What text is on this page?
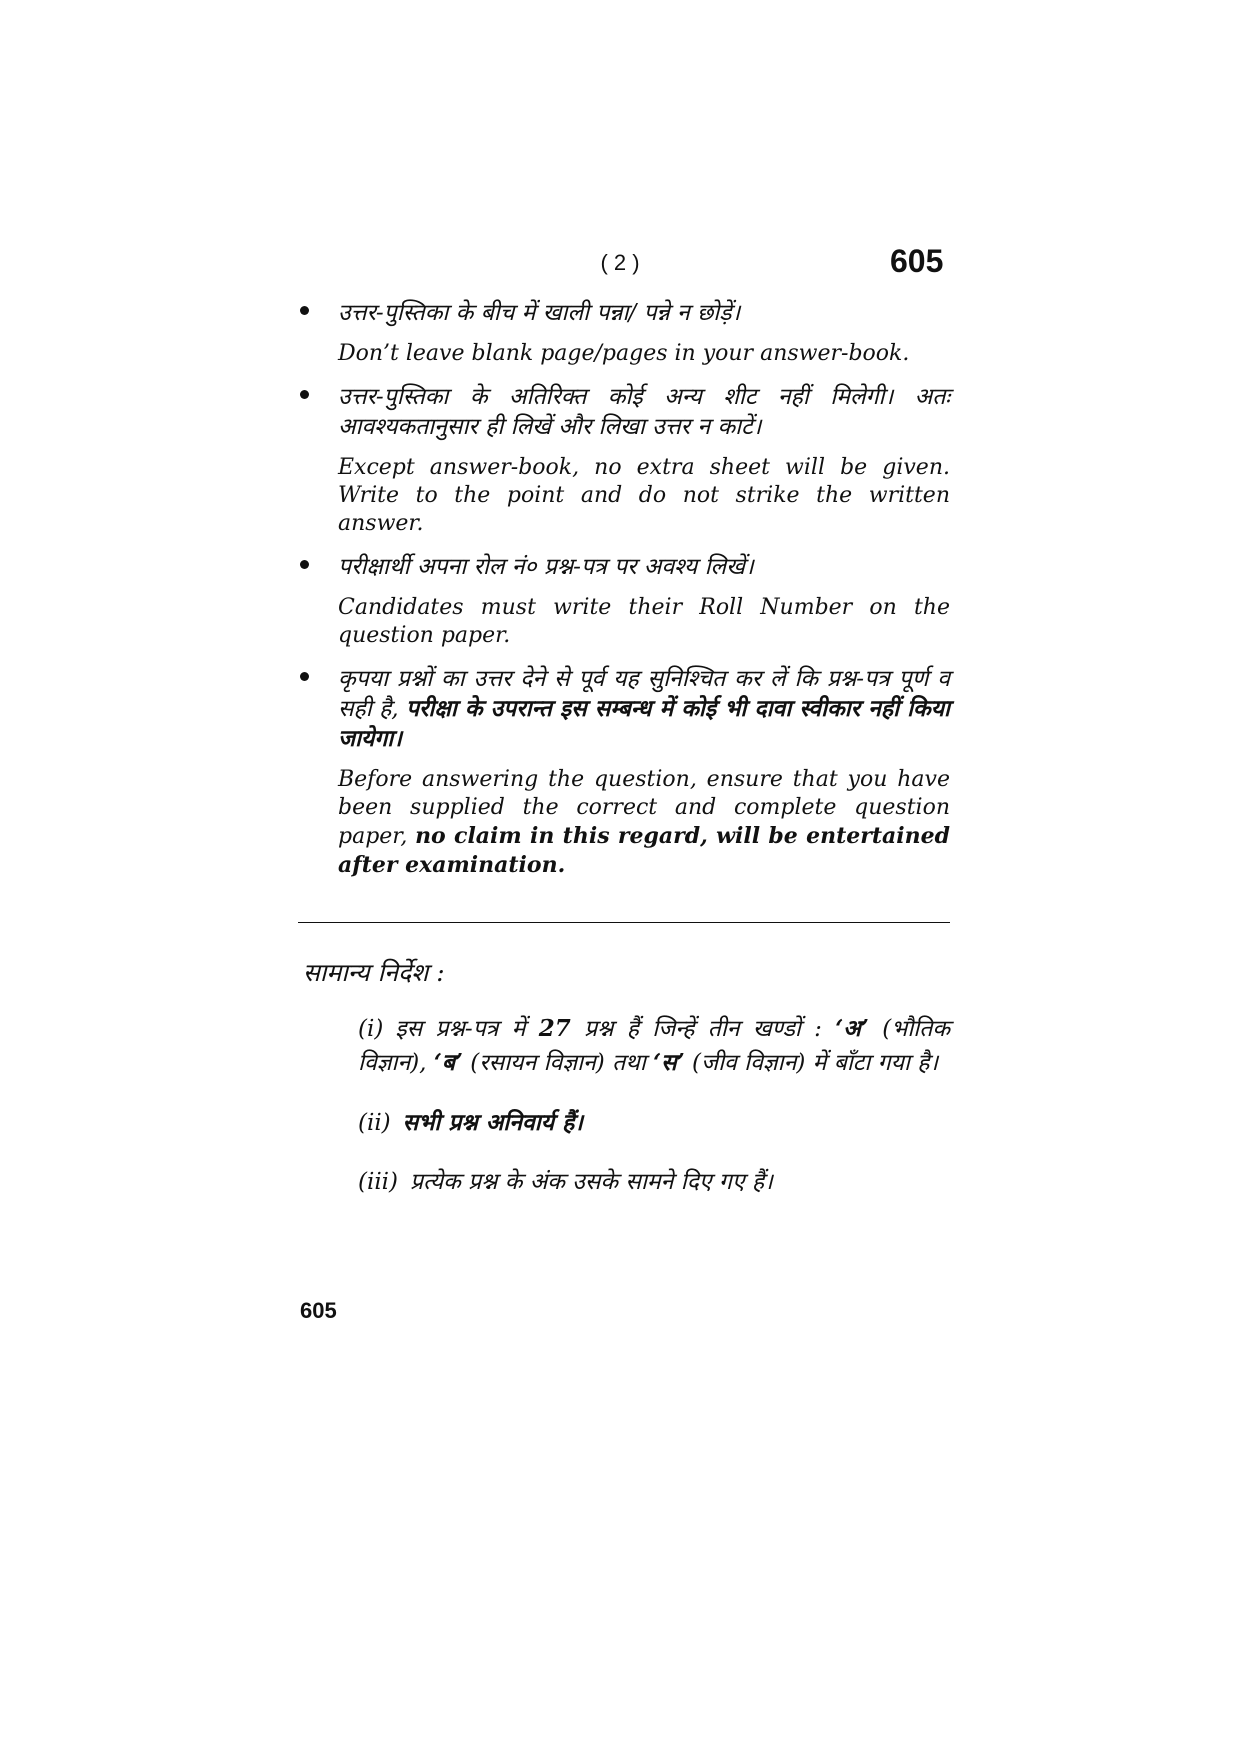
( 2 )	605

उत्तर-पुस्तिका के बीच में खाली पन्ना/ पन्ने न छोड़ें।

Don’t leave blank page/pages in your answer-book.

उत्तर-पुस्तिका के अतिरिक्त कोई अन्य शीट नहीं मिलेगी। अतः आवश्यकतानुसार ही लिखें और लिखा उत्तर न काटें।

Except answer-book, no extra sheet will be given. Write to the point and do not strike the written answer.

परीक्षार्थी अपना रोल नं० प्रश्न-पत्र पर अवश्य लिखें।

Candidates must write their Roll Number on the question paper.

कृपया प्रश्नों का उत्तर देने से पूर्व यह सुनिश्चित कर लें कि प्रश्न-पत्र पूर्ण व सही है, परीक्षा के उपरान्त इस सम्बन्ध में कोई भी दावा स्वीकार नहीं किया जायेगा।

Before answering the question, ensure that you have been supplied the correct and complete question paper, no claim in this regard, will be entertained after examination.

सामान्य निर्देश :
(i) इस प्रश्न-पत्र में 27 प्रश्न हैं जिन्हें तीन खण्डों : ‘अ’ (भौतिक विज्ञान), ‘ब’ (रसायन विज्ञान) तथा ‘स’ (जीव विज्ञान) में बाँटा गया है।
(ii) सभी प्रश्न अनिवार्य हैं।
(iii) प्रत्येक प्रश्न के अंक उसके सामने दिए गए हैं।
605
